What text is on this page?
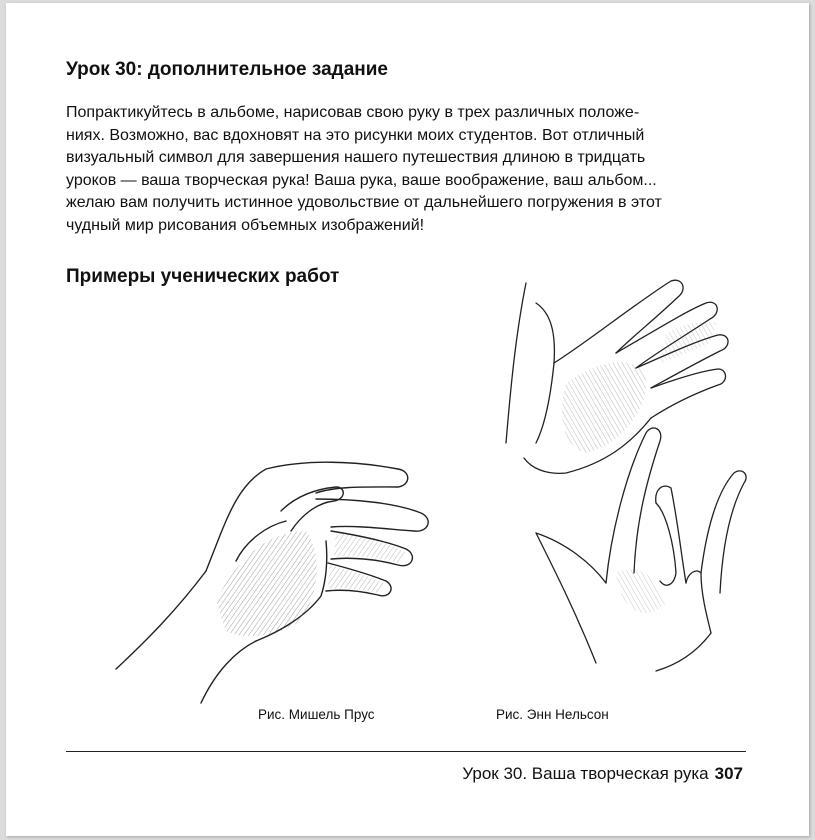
Урок 30: дополнительное задание

Попрактикуйтесь в альбоме, нарисовав свою руку в трех различных положе-
ниях. Возможно, вас вдохновят на это рисунки моих студентов. Вот отличный
визуальный символ для завершения нашего путешествия длиною в тридцать
уроков — ваша творческая рука! Ваша рука, ваше воображение, ваш альбом...
желаю вам получить истинное удовольствие от дальнейшего погружения в этот
чудный мир рисования объемных изображений!

Примеры ученических работ
Рис. Мишель Прус	Рис. Энн Нельсон
Урок 30. Ваша творческая рука 307
